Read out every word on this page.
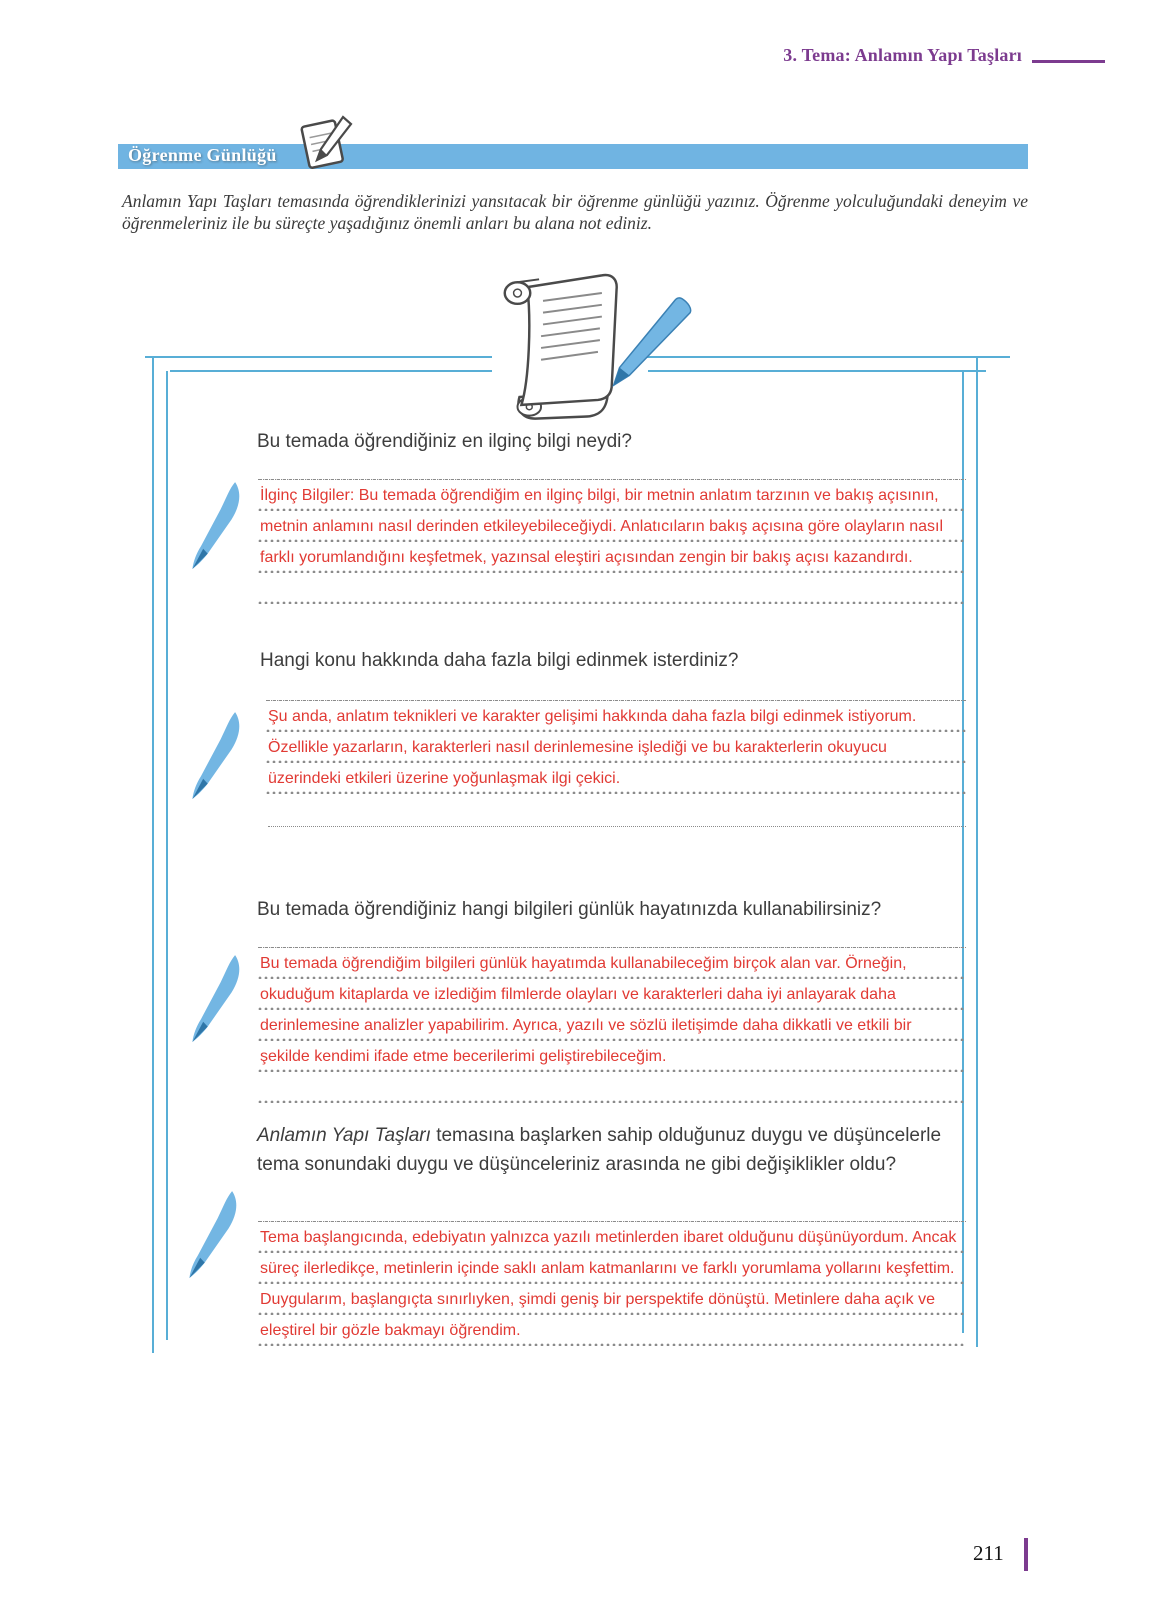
3. Tema: Anlamın Yapı Taşları
Öğrenme Günlüğü

Anlamın Yapı Taşları temasında öğrendiklerinizi yansıtacak bir öğrenme günlüğü yazınız. Öğrenme yolculuğundaki deneyim ve öğrenmeleriniz ile bu süreçte yaşadığınız önemli anları bu alana not ediniz.

Bu temada öğrendiğiniz en ilginç bilgi neydi?
İlginç Bilgiler: Bu temada öğrendiğim en ilginç bilgi, bir metnin anlatım tarzının ve bakış açısının, metnin anlamını nasıl derinden etkileyebileceğiydi. Anlatıcıların bakış açısına göre olayların nasıl farklı yorumlandığını keşfetmek, yazınsal eleştiri açısından zengin bir bakış açısı kazandırdı.
Hangi konu hakkında daha fazla bilgi edinmek isterdiniz?
Şu anda, anlatım teknikleri ve karakter gelişimi hakkında daha fazla bilgi edinmek istiyorum. Özellikle yazarların, karakterleri nasıl derinlemesine işlediği ve bu karakterlerin okuyucu üzerindeki etkileri üzerine yoğunlaşmak ilgi çekici.
Bu temada öğrendiğiniz hangi bilgileri günlük hayatınızda kullanabilirsiniz?
Bu temada öğrendiğim bilgileri günlük hayatımda kullanabileceğim birçok alan var. Örneğin, okuduğum kitaplarda ve izlediğim filmlerde olayları ve karakterleri daha iyi anlayarak daha derinlemesine analizler yapabilirim. Ayrıca, yazılı ve sözlü iletişimde daha dikkatli ve etkili bir şekilde kendimi ifade etme becerilerimi geliştirebileceğim.
Anlamın Yapı Taşları temasına başlarken sahip olduğunuz duygu ve düşüncelerle tema sonundaki duygu ve düşünceleriniz arasında ne gibi değişiklikler oldu?
Tema başlangıcında, edebiyatın yalnızca yazılı metinlerden ibaret olduğunu düşünüyordum. Ancak süreç ilerledikçe, metinlerin içinde saklı anlam katmanlarını ve farklı yorumlama yollarını keşfettim. Duygularım, başlangıçta sınırlıyken, şimdi geniş bir perspektife dönüştü. Metinlere daha açık ve eleştirel bir gözle bakmayı öğrendim.
211
